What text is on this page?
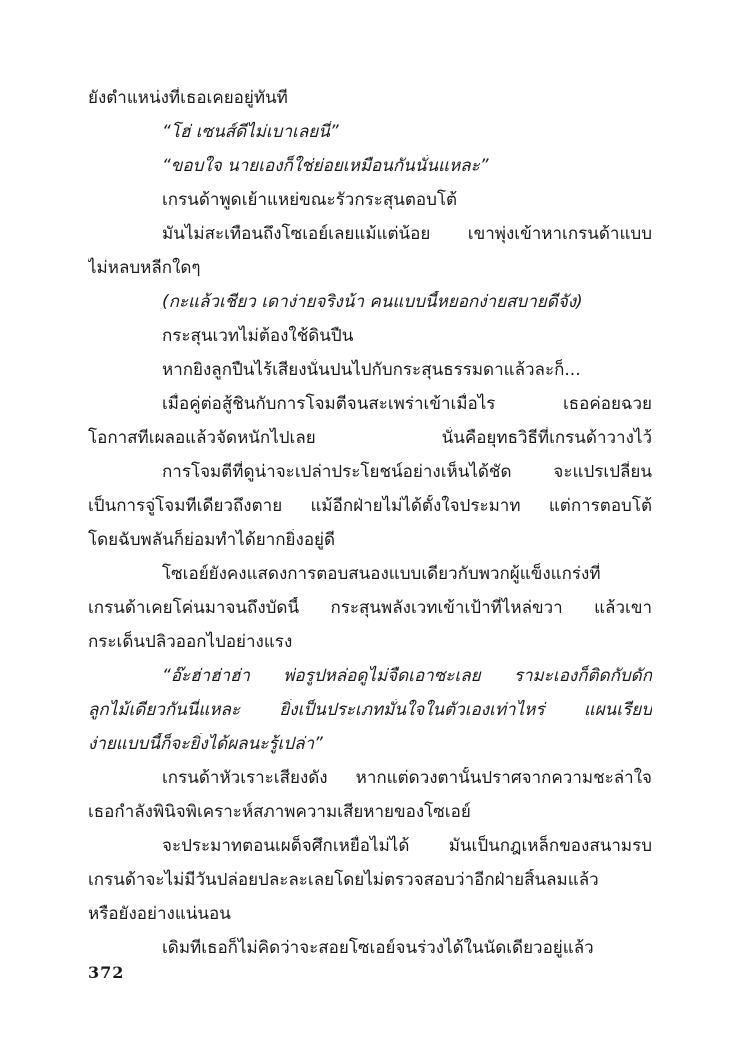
ยังตำแหน่งที่เธอเคยอยู่ทันที
“โฮ่ เซนส์ดีไม่เบาเลยนี่”
“ขอบใจ นายเองก็ใช่ย่อยเหมือนกันนั่นแหละ”
เกรนด้าพูดเย้าแหย่ขณะรัวกระสุนตอบโต้
มันไม่สะเทือนถึงโซเอย์เลยแม้แต่น้อย เขาพุ่งเข้าหาเกรนด้าแบบ
ไม่หลบหลีกใดๆ
(กะแล้วเชียว เดาง่ายจริงน้า คนแบบนี้หยอกง่ายสบายดีจัง)
กระสุนเวทไม่ต้องใช้ดินปืน
หากยิงลูกปืนไร้เสียงนั่นปนไปกับกระสุนธรรมดาแล้วละก็...
เมื่อคู่ต่อสู้ชินกับการโจมตีจนสะเพร่าเข้าเมื่อไร เธอค่อยฉวย
โอกาสทีเผลอแล้วจัดหนักไปเลย นั่นคือยุทธวิธีที่เกรนด้าวางไว้
การโจมตีที่ดูน่าจะเปล่าประโยชน์อย่างเห็นได้ชัด จะแปรเปลี่ยน
เป็นการจู่โจมทีเดียวถึงตาย แม้อีกฝ่ายไม่ได้ตั้งใจประมาท แต่การตอบโต้
โดยฉับพลันก็ย่อมทำได้ยากยิ่งอยู่ดี
โซเอย์ยังคงแสดงการตอบสนองแบบเดียวกับพวกผู้แข็งแกร่งที่
เกรนด้าเคยโค่นมาจนถึงบัดนี้ กระสุนพลังเวทเข้าเป้าที่ไหล่ขวา แล้วเขา
กระเด็นปลิวออกไปอย่างแรง
“อ๊ะฮ่าฮ่าฮ่า พ่อรูปหล่อดูไม่จืดเอาซะเลย รามะเองก็ติดกับดัก
ลูกไม้เดียวกันนี่แหละ ยิ่งเป็นประเภทมั่นใจในตัวเองเท่าไหร่ แผนเรียบ
ง่ายแบบนี้ก็จะยิ่งได้ผลนะรู้เปล่า”
เกรนด้าหัวเราะเสียงดัง หากแต่ดวงตานั้นปราศจากความชะล่าใจ
เธอกำลังพินิจพิเคราะห์สภาพความเสียหายของโซเอย์
จะประมาทตอนเผด็จศึกเหยื่อไม่ได้ มันเป็นกฎเหล็กของสนามรบ
เกรนด้าจะไม่มีวันปล่อยปละละเลยโดยไม่ตรวจสอบว่าอีกฝ่ายสิ้นลมแล้ว
หรือยังอย่างแน่นอน
เดิมทีเธอก็ไม่คิดว่าจะสอยโซเอย์จนร่วงได้ในนัดเดียวอยู่แล้ว
372
